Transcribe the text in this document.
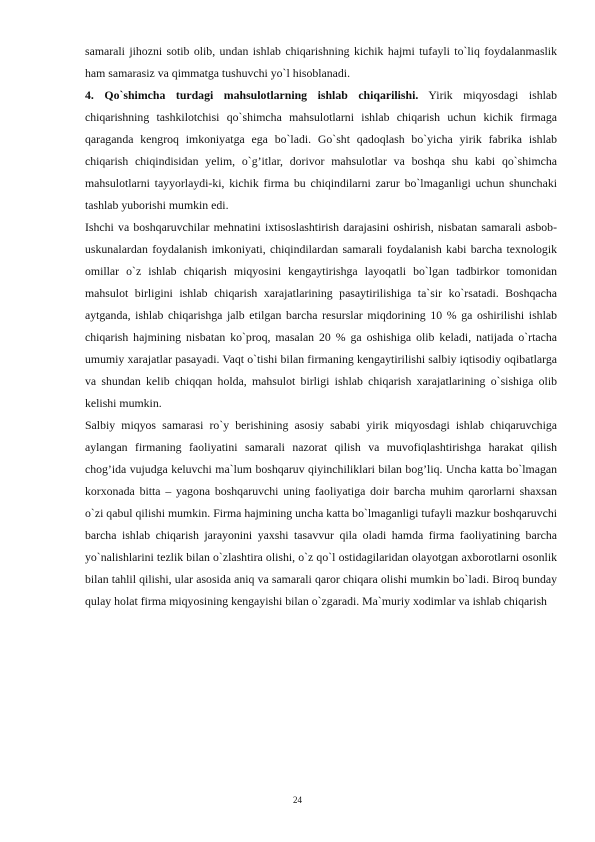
samarali jihozni sotib olib, undan ishlab chiqarishning kichik hajmi tufayli to`liq foydalanmaslik ham samarasiz va qimmatga tushuvchi yo`l hisoblanadi.

4. Qo`shimcha turdagi mahsulotlarning ishlab chiqarilishi. Yirik miqyosdagi ishlab chiqarishning tashkilotchisi qo`shimcha mahsulotlarni ishlab chiqarish uchun kichik firmaga qaraganda kengroq imkoniyatga ega bo`ladi. Go`sht qadoqlash bo`yicha yirik fabrika ishlab chiqarish chiqindisidan yelim, o`g’itlar, dorivor mahsulotlar va boshqa shu kabi qo`shimcha mahsulotlarni tayyorlaydi-ki, kichik firma bu chiqindilarni zarur bo`lmaganligi uchun shunchaki tashlab yuborishi mumkin edi.

Ishchi va boshqaruvchilar mehnatini ixtisoslashtirish darajasini oshirish, nisbatan samarali asbob-uskunalardan foydalanish imkoniyati, chiqindilardan samarali foydalanish kabi barcha texnologik omillar o`z ishlab chiqarish miqyosini kengaytirishga layoqatli bo`lgan tadbirkor tomonidan mahsulot birligini ishlab chiqarish xarajatlarining pasaytirilishiga ta`sir ko`rsatadi. Boshqacha aytganda, ishlab chiqarishga jalb etilgan barcha resurslar miqdorining 10 % ga oshirilishi ishlab chiqarish hajmining nisbatan ko`proq, masalan 20 % ga oshishiga olib keladi, natijada o`rtacha umumiy xarajatlar pasayadi. Vaqt o`tishi bilan firmaning kengaytirilishi salbiy iqtisodiy oqibatlarga va shundan kelib chiqqan holda, mahsulot birligi ishlab chiqarish xarajatlarining o`sishiga olib kelishi mumkin.

Salbiy miqyos samarasi ro`y berishining asosiy sababi yirik miqyosdagi ishlab chiqaruvchiga aylangan firmaning faoliyatini samarali nazorat qilish va muvofiqlashtirishga harakat qilish chog’ida vujudga keluvchi ma`lum boshqaruv qiyinchiliklari bilan bog’liq. Uncha katta bo`lmagan korxonada bitta – yagona boshqaruvchi uning faoliyatiga doir barcha muhim qarorlarni shaxsan o`zi qabul qilishi mumkin. Firma hajmining uncha katta bo`lmaganligi tufayli mazkur boshqaruvchi barcha ishlab chiqarish jarayonini yaxshi tasavvur qila oladi hamda firma faoliyatining barcha yo`nalishlarini tezlik bilan o`zlashtira olishi, o`z qo`l ostidagilaridan olayotgan axborotlarni osonlik bilan tahlil qilishi, ular asosida aniq va samarali qaror chiqara olishi mumkin bo`ladi. Biroq bunday qulay holat firma miqyosining kengayishi bilan o`zgaradi. Ma`muriy xodimlar va ishlab chiqarish

24
